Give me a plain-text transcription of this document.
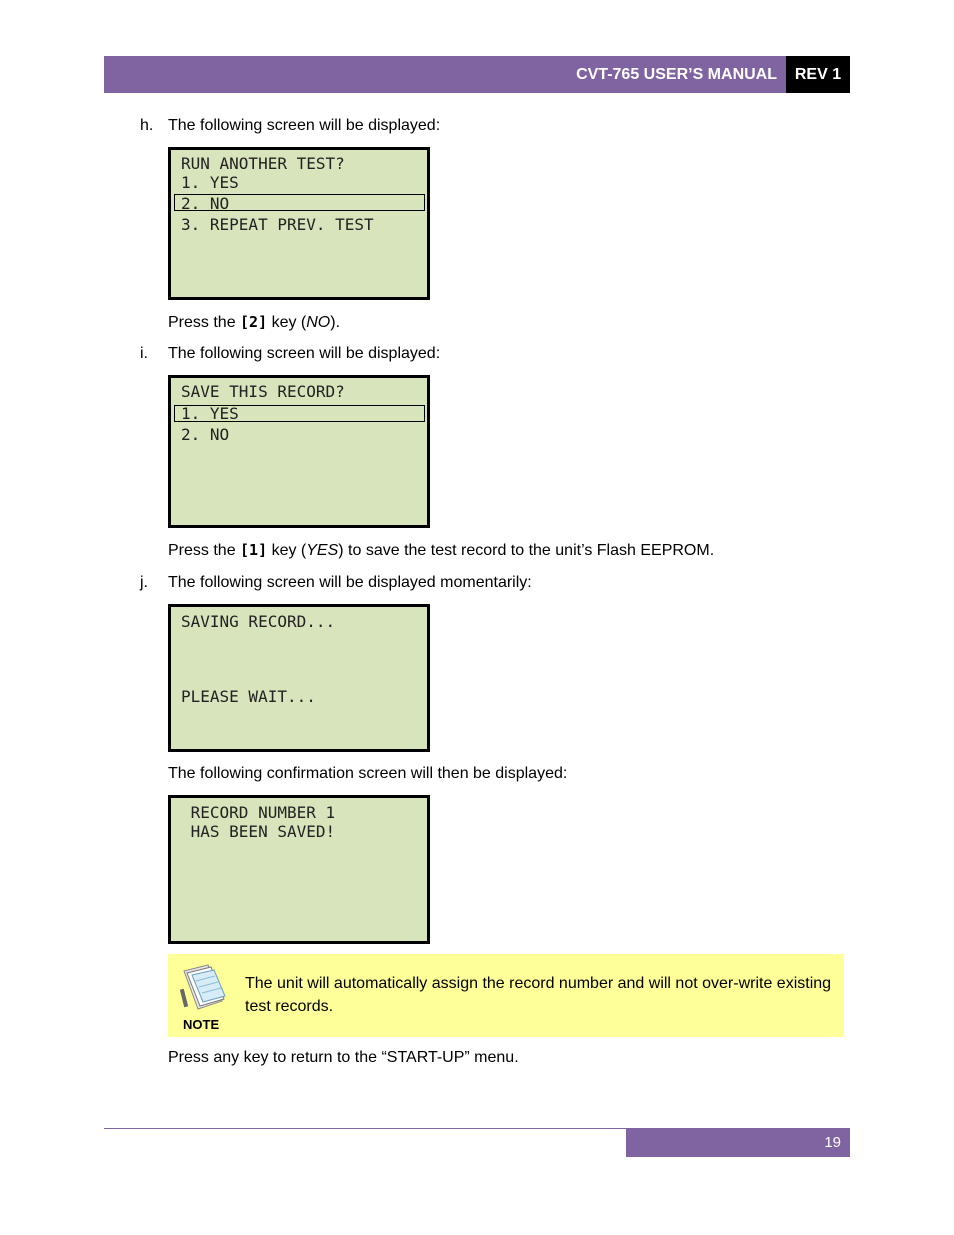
CVT-765 USER’S MANUAL REV 1
h. The following screen will be displayed:
RUN ANOTHER TEST?
1. YES
2. NO
3. REPEAT PREV. TEST
Press the [2] key (NO).
i. The following screen will be displayed:
SAVE THIS RECORD?
1. YES
2. NO
Press the [1] key (YES) to save the test record to the unit’s Flash EEPROM.
j. The following screen will be displayed momentarily:
SAVING RECORD...
PLEASE WAIT...
The following confirmation screen will then be displayed:
RECORD NUMBER 1
HAS BEEN SAVED!
NOTE
The unit will automatically assign the record number and will not over-write existing test records.
Press any key to return to the “START-UP” menu.
19
